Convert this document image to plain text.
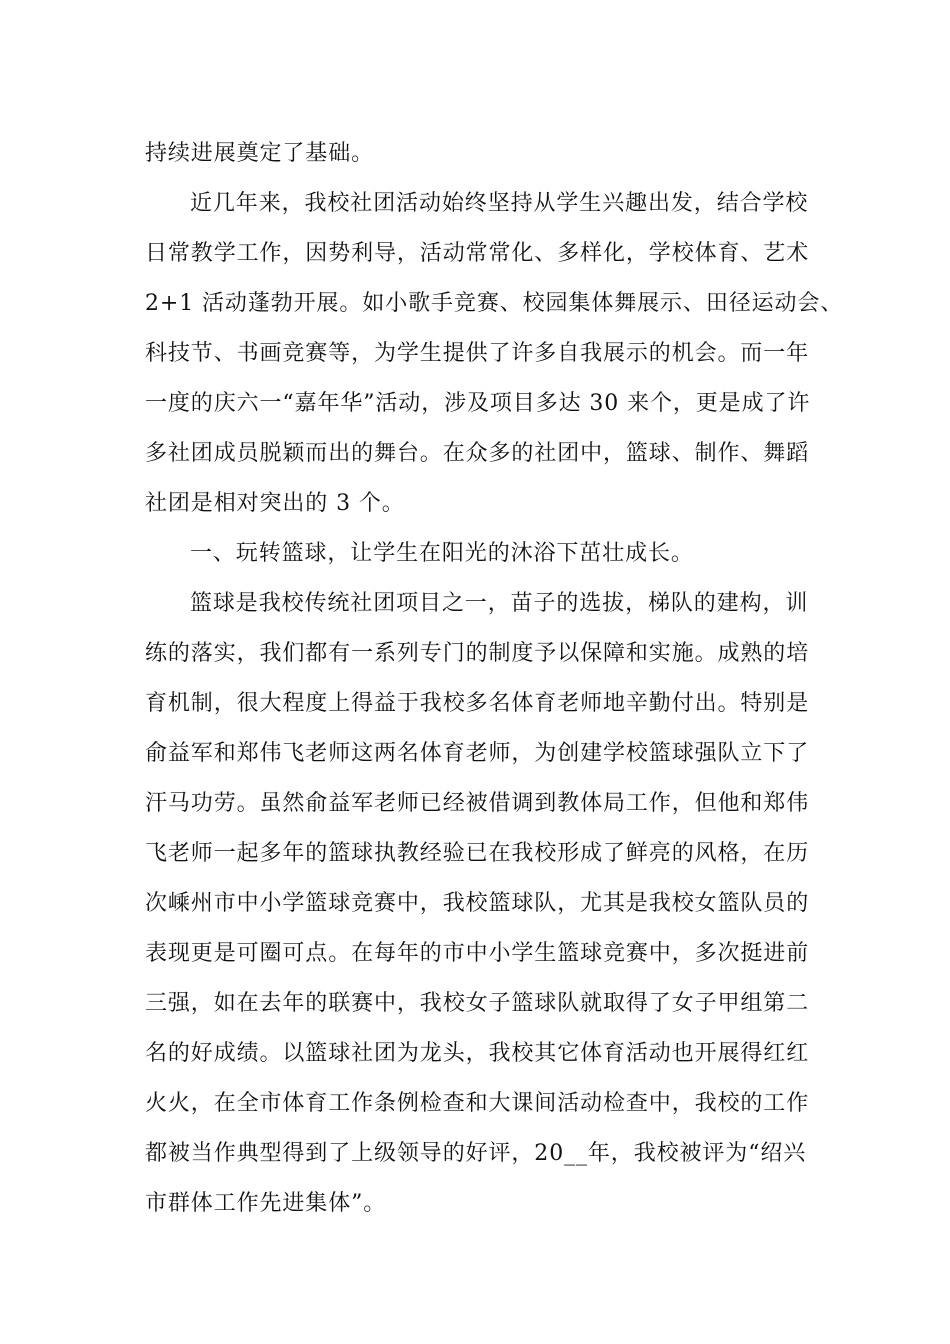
持续进展奠定了基础。
近几年来，我校社团活动始终坚持从学生兴趣出发，结合学校
日常教学工作，因势利导，活动常常化、多样化，学校体育、艺术
2+1 活动蓬勃开展。如小歌手竞赛、校园集体舞展示、田径运动会、
科技节、书画竞赛等，为学生提供了许多自我展示的机会。而一年
一度的庆六一“嘉年华”活动，涉及项目多达 30 来个，更是成了许
多社团成员脱颖而出的舞台。在众多的社团中，篮球、制作、舞蹈
社团是相对突出的 3 个。
一、玩转篮球，让学生在阳光的沐浴下茁壮成长。
篮球是我校传统社团项目之一，苗子的选拔，梯队的建构，训
练的落实，我们都有一系列专门的制度予以保障和实施。成熟的培
育机制，很大程度上得益于我校多名体育老师地辛勤付出。特别是
俞益军和郑伟飞老师这两名体育老师，为创建学校篮球强队立下了
汗马功劳。虽然俞益军老师已经被借调到教体局工作，但他和郑伟
飞老师一起多年的篮球执教经验已在我校形成了鲜亮的风格，在历
次嵊州市中小学篮球竞赛中，我校篮球队，尤其是我校女篮队员的
表现更是可圈可点。在每年的市中小学生篮球竞赛中，多次挺进前
三强，如在去年的联赛中，我校女子篮球队就取得了女子甲组第二
名的好成绩。以篮球社团为龙头，我校其它体育活动也开展得红红
火火，在全市体育工作条例检查和大课间活动检查中，我校的工作
都被当作典型得到了上级领导的好评，20__年，我校被评为“绍兴
市群体工作先进集体”。
